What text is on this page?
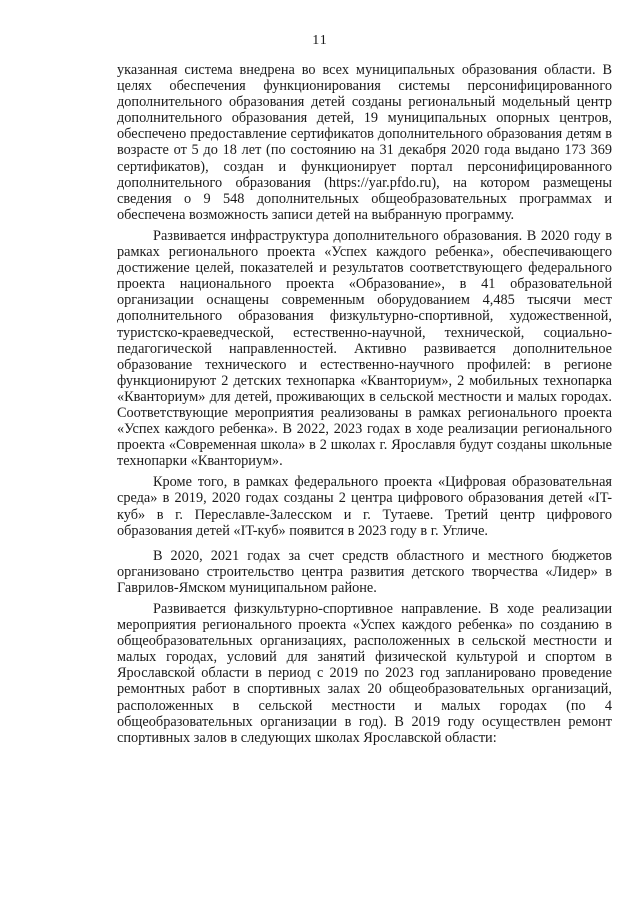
11

указанная система внедрена во всех муниципальных образования области. В целях обеспечения функционирования системы персонифицированного дополнительного образования детей созданы региональный модельный центр дополнительного образования детей, 19 муниципальных опорных центров, обеспечено предоставление сертификатов дополнительного образования детям в возрасте от 5 до 18 лет (по состоянию на 31 декабря 2020 года выдано 173 369 сертификатов), создан и функционирует портал персонифицированного дополнительного образования (https://yar.pfdo.ru), на котором размещены сведения о 9 548 дополнительных общеобразовательных программах и обеспечена возможность записи детей на выбранную программу.

Развивается инфраструктура дополнительного образования. В 2020 году в рамках регионального проекта «Успех каждого ребенка», обеспечивающего достижение целей, показателей и результатов соответствующего федерального проекта национального проекта «Образование», в 41 образовательной организации оснащены современным оборудованием 4,485 тысячи мест дополнительного образования физкультурно-спортивной, художественной, туристско-краеведческой, естественно-научной, технической, социально-педагогической направленностей. Активно развивается дополнительное образование технического и естественно-научного профилей: в регионе функционируют 2 детских технопарка «Кванториум», 2 мобильных технопарка «Кванториум» для детей, проживающих в сельской местности и малых городах. Соответствующие мероприятия реализованы в рамках регионального проекта «Успех каждого ребенка». В 2022, 2023 годах в ходе реализации регионального проекта «Современная школа» в 2 школах г. Ярославля будут созданы школьные технопарки «Кванториум».

Кроме того, в рамках федерального проекта «Цифровая образовательная среда» в 2019, 2020 годах созданы 2 центра цифрового образования детей «IT-куб» в г. Переславле-Залесском и г. Тутаеве. Третий центр цифрового образования детей «IT-куб» появится в 2023 году в г. Угличе.

В 2020, 2021 годах за счет средств областного и местного бюджетов организовано строительство центра развития детского творчества «Лидер» в Гаврилов-Ямском муниципальном районе.

Развивается физкультурно-спортивное направление. В ходе реализации мероприятия регионального проекта «Успех каждого ребенка» по созданию в общеобразовательных организациях, расположенных в сельской местности и малых городах, условий для занятий физической культурой и спортом в Ярославской области в период с 2019 по 2023 год запланировано проведение ремонтных работ в спортивных залах 20 общеобразовательных организаций, расположенных в сельской местности и малых городах (по 4 общеобразовательных организации в год). В 2019 году осуществлен ремонт спортивных залов в следующих школах Ярославской области:
